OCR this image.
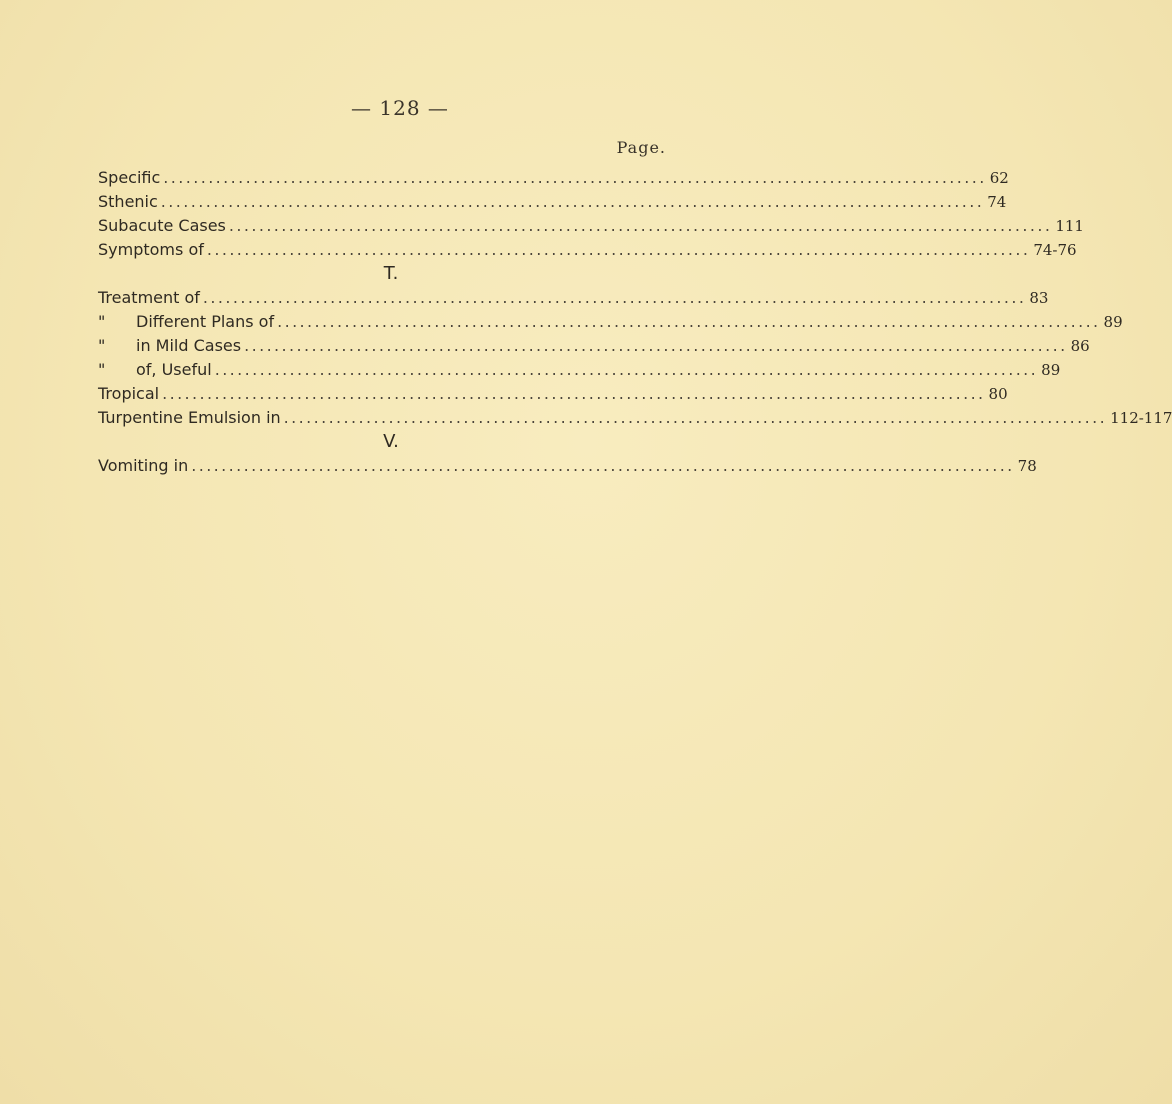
— 128 —
Page.
Specific .............................................................................................................. 62
Sthenic .............................................................................................................. 74
Subacute Cases .............................................................................................................. 111
Symptoms of .............................................................................................................. 74-76
T.
Treatment of .............................................................................................................. 83
"	Different Plans of .............................................................................................................. 89
"	in Mild Cases .............................................................................................................. 86
"	of, Useful .............................................................................................................. 89
Tropical .............................................................................................................. 80
Turpentine Emulsion in .............................................................................................................. 112-117
V.
Vomiting in .............................................................................................................. 78
